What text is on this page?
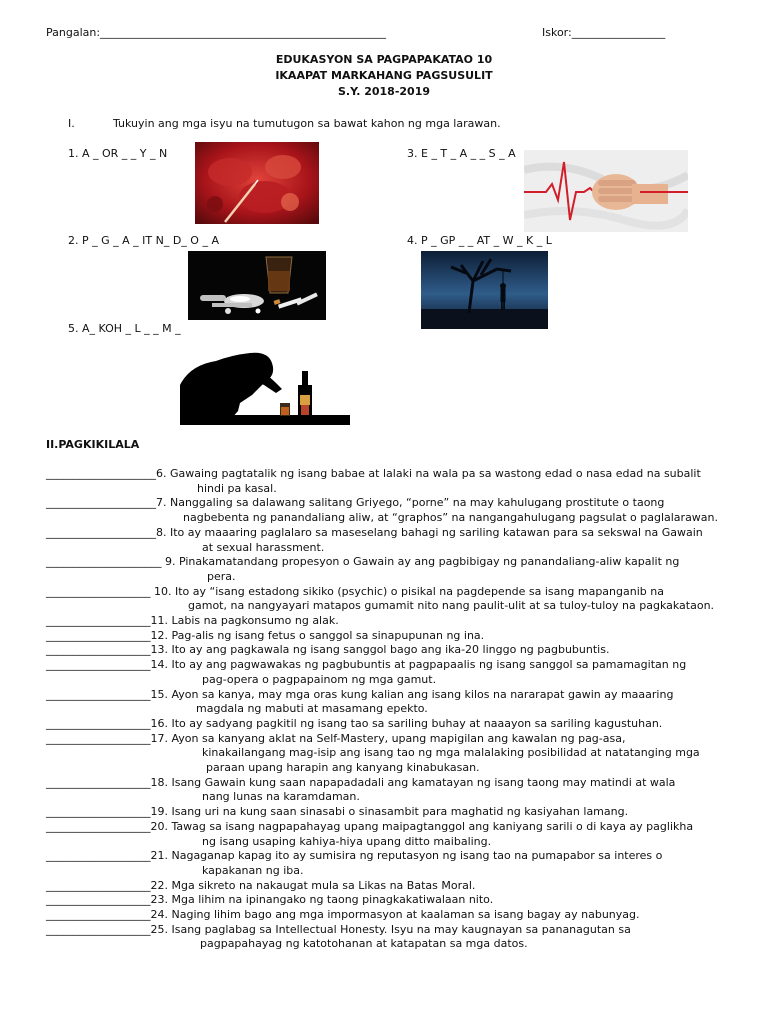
Pangalan:____________________________________________________	Iskor:_________________
EDUKASYON SA PAGPAPAKATAO 10
IKAAPAT MARKAHANG PAGSUSULIT
S.Y. 2018-2019
I.	Tukuyin ang mga isyu na tumutugon sa bawat kahon ng mga larawan.
1. A _ OR _ _ Y _ N	3. E _ T _ A _ _ S _ A
2. P _ G _ A _ IT N_ D_ O _ A	4. P _ GP _ _ AT _ W _ K _ L
5. A_ KOH _ L _ _ M _
II.PAGKIKILALA
____________________6. Gawaing pagtatalik ng isang babae at lalaki na wala pa sa wastong edad o nasa edad na subalit
hindi pa kasal.
____________________7. Nanggaling sa dalawang salitang Griyego, “porne” na may kahulugang prostitute o taong
nagbebenta ng panandaliang aliw, at “graphos” na nangangahulugang pagsulat o paglalarawan.
____________________8. Ito ay maaaring paglalaro sa maseselang bahagi ng sariling katawan para sa sekswal na Gawain
at sexual harassment.
_____________________ 9. Pinakamatandang propesyon o Gawain ay ang pagbibigay ng panandaliang-aliw kapalit ng
pera.
___________________ 10. Ito ay “isang estadong sikiko (psychic) o pisikal na pagdepende sa isang mapanganib na
gamot, na nangyayari matapos gumamit nito nang paulit-ulit at sa tuloy-tuloy na pagkakataon.
___________________11. Labis na pagkonsumo ng alak.
___________________12. Pag-alis ng isang fetus o sanggol sa sinapupunan ng ina.
___________________13. Ito ay ang pagkawala ng isang sanggol bago ang ika-20 linggo ng pagbubuntis.
___________________14. Ito ay ang pagwawakas ng pagbubuntis at pagpapaalis ng isang sanggol sa pamamagitan ng
pag-opera o pagpapainom ng mga gamut.
___________________15. Ayon sa kanya, may mga oras kung kalian ang isang kilos na nararapat gawin ay maaaring
magdala ng mabuti at masamang epekto.
___________________16. Ito ay sadyang pagkitil ng isang tao sa sariling buhay at naaayon sa sariling kagustuhan.
___________________17. Ayon sa kanyang aklat na Self-Mastery, upang mapigilan ang kawalan ng pag-asa,
kinakailangang mag-isip ang isang tao ng mga malalaking posibilidad at natatanging mga
paraan upang harapin ang kanyang kinabukasan.
___________________18. Isang Gawain kung saan napapadadali ang kamatayan ng isang taong may matindi at wala
nang lunas na karamdaman.
___________________19. Isang uri na kung saan sinasabi o sinasambit para maghatid ng kasiyahan lamang.
___________________20. Tawag sa isang nagpapahayag upang maipagtanggol ang kaniyang sarili o di kaya ay paglikha
ng isang usaping kahiya-hiya upang ditto maibaling.
___________________21. Nagaganap kapag ito ay sumisira ng reputasyon ng isang tao na pumapabor sa interes o
kapakanan ng iba.
___________________22. Mga sikreto na nakaugat mula sa Likas na Batas Moral.
___________________23. Mga lihim na ipinangako ng taong pinagkakatiwalaan nito.
___________________24. Naging lihim bago ang mga impormasyon at kaalaman sa isang bagay ay nabunyag.
___________________25. Isang paglabag sa Intellectual Honesty. Isyu na may kaugnayan sa pananagutan sa
pagpapahayag ng katotohanan at katapatan sa mga datos.
